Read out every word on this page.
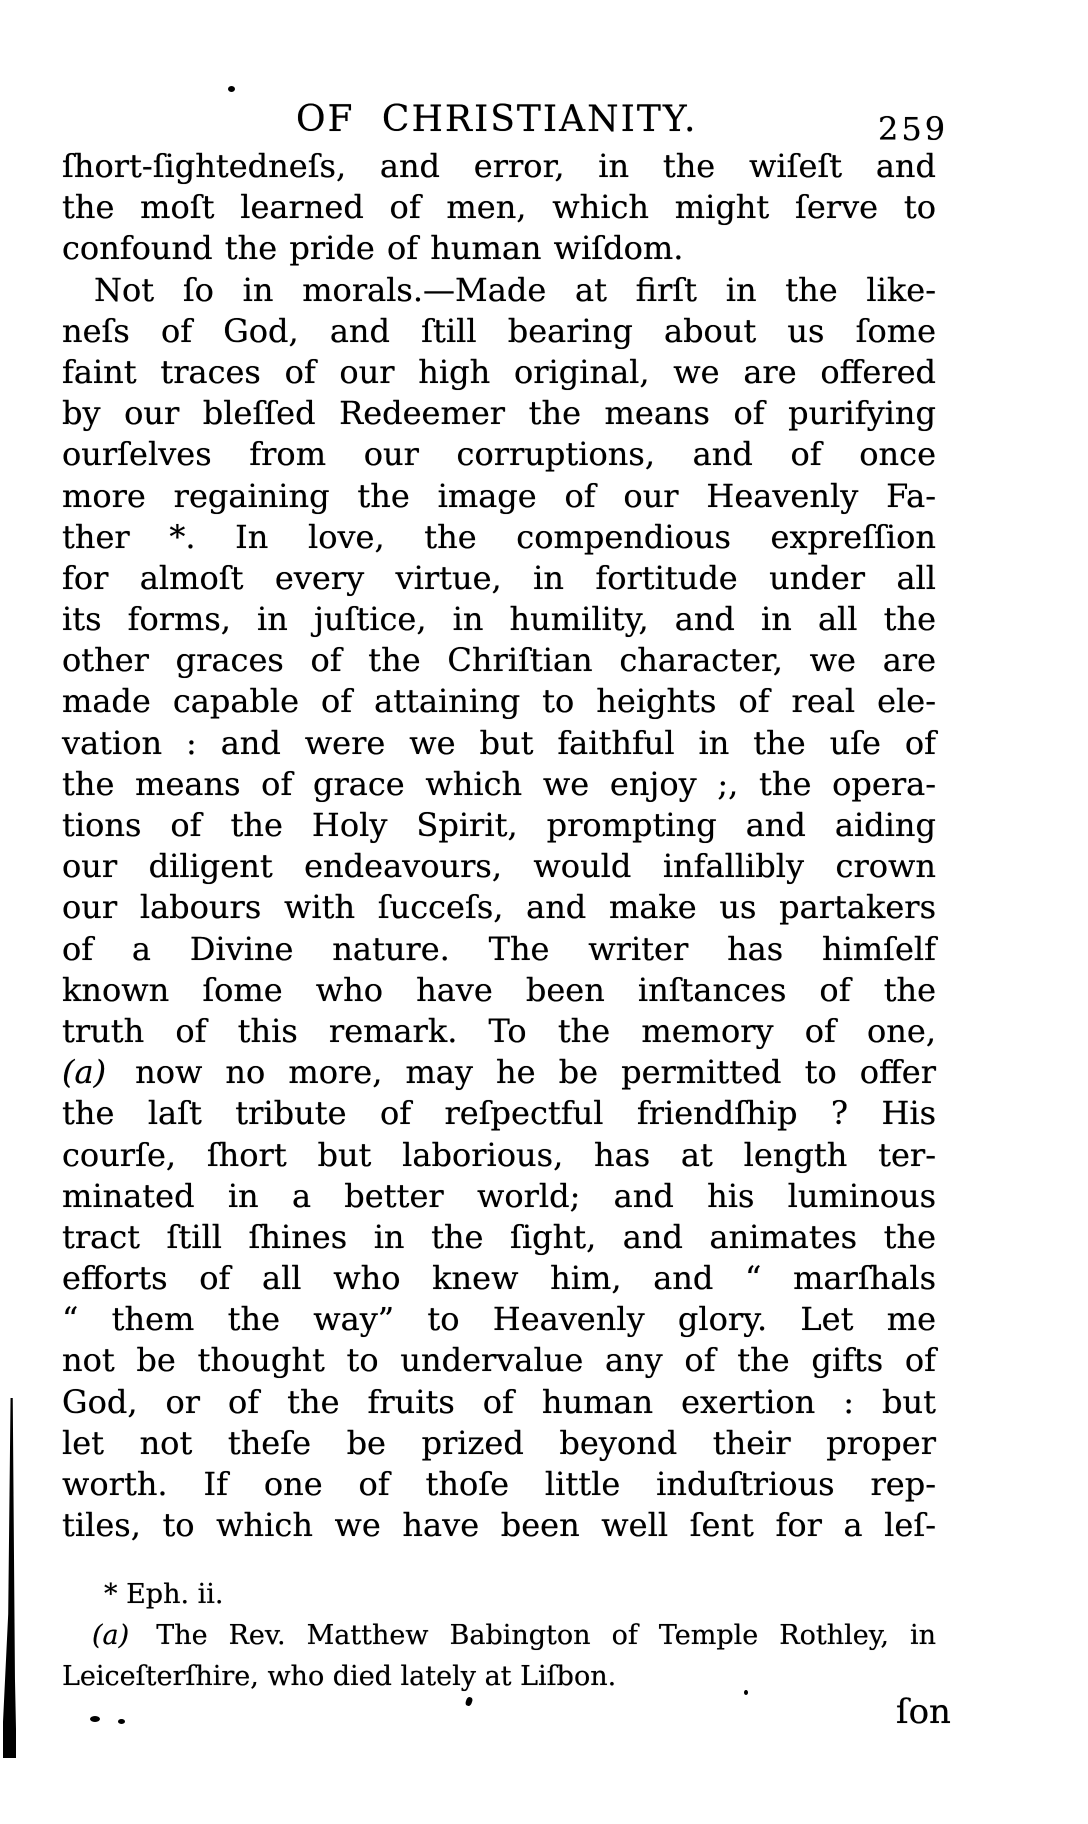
OF CHRISTIANITY.	259
ſhort-ſightedneſs, and error, in the wiſeſt and
the moſt learned of men, which might ſerve to
confound the pride of human wiſdom.
Not ſo in morals.—Made at firſt in the like-
neſs of God, and ſtill bearing about us ſome
faint traces of our high original, we are offered
by our bleſſed Redeemer the means of purifying
ourſelves from our corruptions, and of once
more regaining the image of our Heavenly Fa-
ther *. In love, the compendious expreſſion
for almoſt every virtue, in fortitude under all
its forms, in juſtice, in humility, and in all the
other graces of the Chriſtian character, we are
made capable of attaining to heights of real ele-
vation : and were we but faithful in the uſe of
the means of grace which we enjoy ;, the opera-
tions of the Holy Spirit, prompting and aiding
our diligent endeavours, would infallibly crown
our labours with ſucceſs, and make us partakers
of a Divine nature. The writer has himſelf
known ſome who have been inſtances of the
truth of this remark. To the memory of one,
(a) now no more, may he be permitted to offer
the laſt tribute of reſpectful friendſhip ? His
courſe, ſhort but laborious, has at length ter-
minated in a better world; and his luminous
tract ſtill ſhines in the ſight, and animates the
efforts of all who knew him, and “ marſhals
“ them the way” to Heavenly glory. Let me
not be thought to undervalue any of the gifts of
God, or of the fruits of human exertion : but
let not theſe be prized beyond their proper
worth. If one of thoſe little induſtrious rep-
tiles, to which we have been well ſent for a leſ-
* Eph. ii.
(a) The Rev. Matthew Babington of Temple Rothley, in
Leiceſterſhire, who died lately at Liſbon.
ſon
